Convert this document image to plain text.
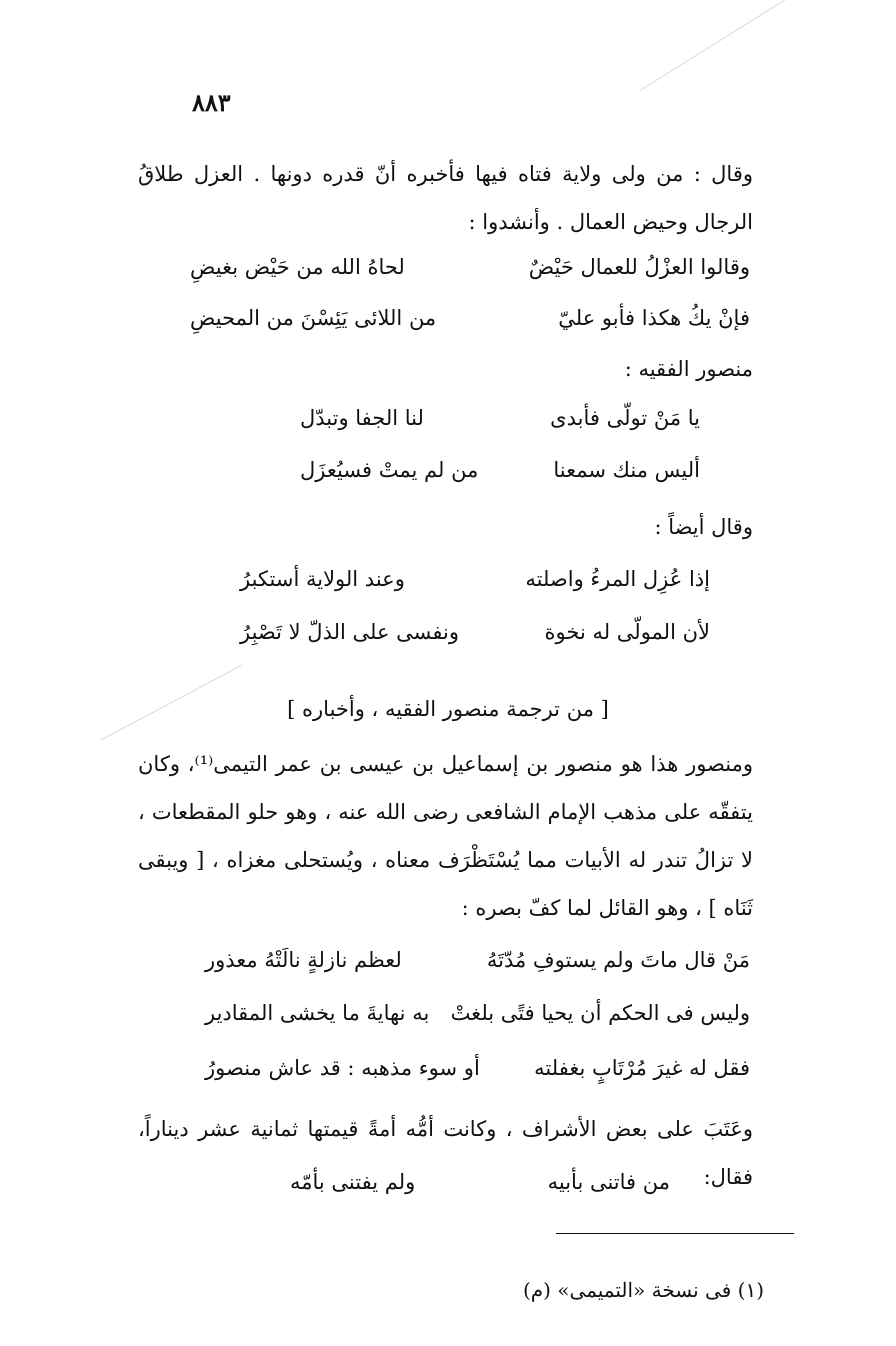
٨٨٣

وقال : من ولى ولاية فتاه فيها فأخبره أنّ قدره دونها . العزل طلاقُ الرجال وحيض العمال . وأنشدوا :

وقالوا العزْلُ للعمال حَيْضٌ
لحاهُ الله من حَيْض بغيضِ
فإنْ يكُ هكذا فأبو عليّ
من اللائى يَئِسْنَ من المحيضِ
منصور الفقيه :
يا مَنْ تولّى فأبدى
لنا الجفا وتبدّل
أليس منك سمعنا
من لم يمتْ فسيُعزَل
وقال أيضاً :
إذا عُزِل المرءُ واصلته
وعند الولاية أستكبرُ
لأن المولّى له نخوة
ونفسى على الذلّ لا تَصْبِرُ
[ من ترجمة منصور الفقيه ، وأخباره ]

ومنصور هذا هو منصور بن إسماعيل بن عيسى بن عمر التيمى⁽¹⁾، وكان يتفقّه على مذهب الإمام الشافعى رضى الله عنه ، وهو حلو المقطعات ، لا تزالُ تندر له الأبيات مما يُسْتَظْرَف معناه ، ويُستحلى مغزاه ، [ ويبقى ثَنَاه ] ، وهو القائل لما كفّ بصره :

مَنْ قال ماتَ ولم يستوفِ مُدّتَهُ
لعظم نازلةٍ نالَتْهُ معذور
وليس فى الحكم أن يحيا فتًى بلغتْ
به نهايةَ ما يخشى المقادير
فقل له غيرَ مُرْتَابٍ بغفلته
أو سوء مذهبه : قد عاش منصورُ

وعَتَبَ على بعض الأشراف ، وكانت أمُّه أمةً قيمتها ثمانية عشر ديناراً، فقال:

من فاتنى بأبيه
ولم يفتنى بأمّه
(١) فى نسخة «التميمى» (م)
